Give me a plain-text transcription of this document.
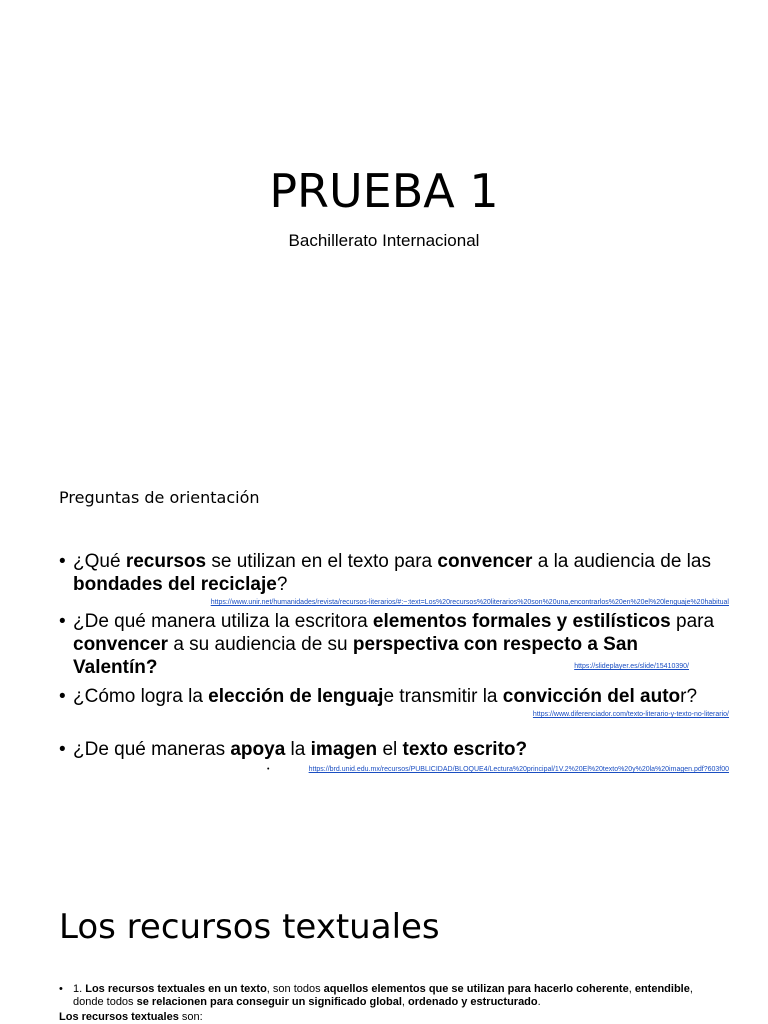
PRUEBA 1
Bachillerato Internacional
Preguntas de orientación
• ¿Qué recursos se utilizan en el texto para convencer a la audiencia de las bondades del reciclaje?
https://www.unir.net/humanidades/revista/recursos-literarios/#:~:text=Los%20recursos%20literarios%20son%20una,encontrarlos%20en%20el%20lenguaje%20habitual
• ¿De qué manera utiliza la escritora elementos formales y estilísticos para convencer a su audiencia de su perspectiva con respecto a San Valentín?	https://slideplayer.es/slide/15410390/
• ¿Cómo logra la elección de lenguaje transmitir la convicción del autor?
https://www.diferenciador.com/texto-literario-y-texto-no-literario/
• ¿De qué maneras apoya la imagen el texto escrito?
•	https://brd.unid.edu.mx/recursos/PUBLICIDAD/BLOQUE4/Lectura%20principal/1V.2%20El%20texto%20y%20la%20imagen.pdf?603f00
Los recursos textuales
• 1. Los recursos textuales en un texto, son todos aquellos elementos que se utilizan para hacerlo coherente, entendible, donde todos se relacionen para conseguir un significado global, ordenado y estructurado.
Los recursos textuales son:
